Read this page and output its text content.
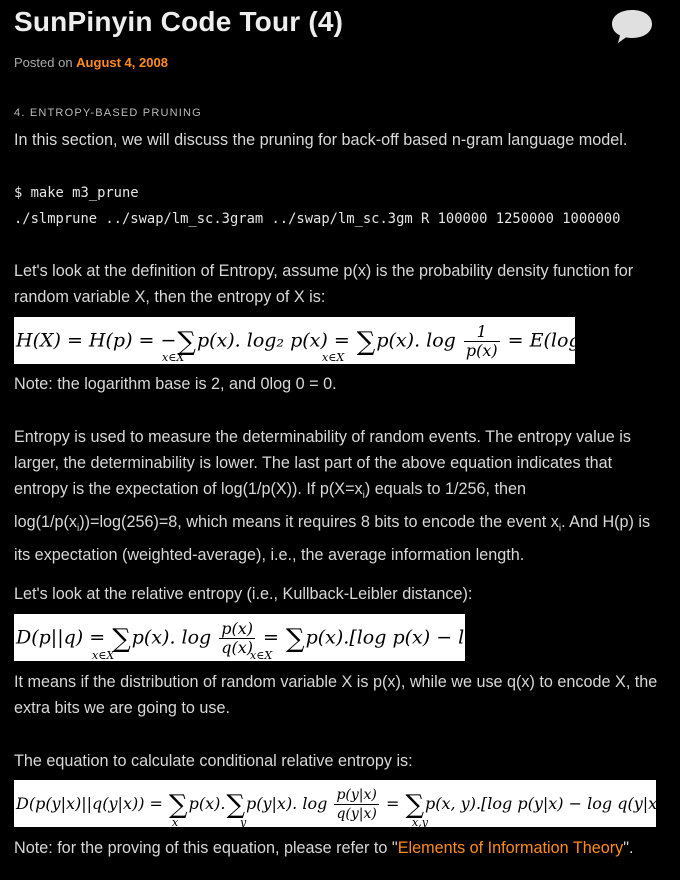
SunPinyin Code Tour (4)
Posted on August 4, 2008
4. ENTROPY-BASED PRUNING
In this section, we will discuss the pruning for back-off based n-gram language model.
$ make m3_prune
./slmprune ../swap/lm_sc.3gram ../swap/lm_sc.3gm R 100000 1250000 1000000
Let's look at the definition of Entropy, assume p(x) is the probability density function for random variable X, then the entropy of X is:
H(X) = H(p) = −∑p(x). log₂ p(x) = ∑p(x). $\log \frac{1}{p(x)} = E(\log \frac{1}{p(X)}$ )
x∈X	x∈X
Note: the logarithm base is 2, and 0log 0 = 0.
Entropy is used to measure the determinability of random events. The entropy value is larger, the determinability is lower. The last part of the above equation indicates that entropy is the expectation of log(1/p(X)). If $p(X=x_i)$ equals to 1/256, then $\log(1/p(x_i))=\log(256)=8$, which means it requires 8 bits to encode the event $x_i$. And H(p) is its expectation (weighted-average), i.e., the average information length.
Let's look at the relative entropy (i.e., Kullback-Leibler distance):
D(p||q) = ∑p(x). $\log \frac{p(x)}{q(x)} = \sum p(x).[\log$ p(x) − log q(x)]
x∈X	x∈X
It means if the distribution of random variable X is p(x), while we use q(x) to encode X, the extra bits we are going to use.
The equation to calculate conditional relative entropy is:
D(p(y|x)||q(y|x)) = ∑p(x).∑p(y|x). $\log \frac{p(y|x)}{q(y|x)} = \sum p(x$, y).[log p(y|x) − log q(y|x)]
x	y	x,y
Note: for the proving of this equation, please refer to "Elements of Information Theory".
